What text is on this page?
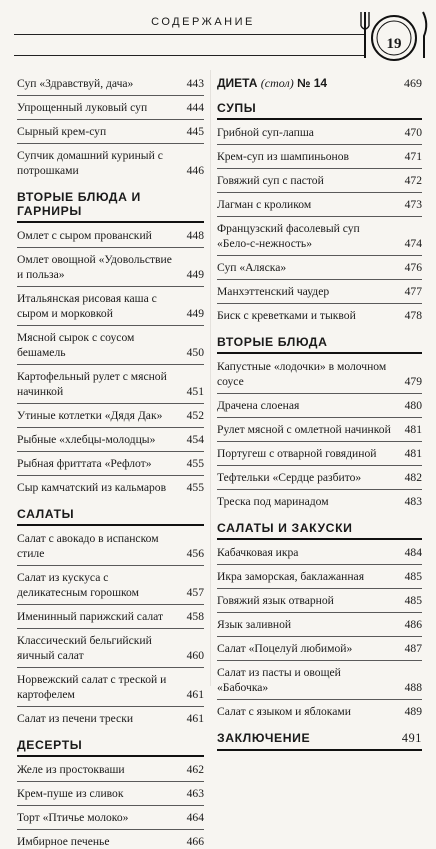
СОДЕРЖАНИЕ
19
Суп «Здравствуй, дача»	443
Упрощенный луковый суп	444
Сырный крем-суп	445
Супчик домашний куриный с потрошками	446
ВТОРЫЕ БЛЮДА И ГАРНИРЫ
Омлет с сыром прованский	448
Омлет овощной «Удовольствие и польза»	449
Итальянская рисовая каша с сыром и морковкой	449
Мясной сырок с соусом бешамель	450
Картофельный рулет с мясной начинкой	451
Утиные котлетки «Дядя Дак»	452
Рыбные «хлебцы-молодцы»	454
Рыбная фриттата «Рефлот»	455
Сыр камчатский из кальмаров	455
САЛАТЫ
Салат с авокадо в испанском стиле	456
Салат из кускуса с деликатесным горошком	457
Именинный парижский салат	458
Классический бельгийский яичный салат	460
Норвежский салат с треской и картофелем	461
Салат из печени трески	461
ДЕСЕРТЫ
Желе из простокваши	462
Крем-пуше из сливок	463
Торт «Птичье молоко»	464
Имбирное печенье	466
ДИЕТА (стол) № 14	469
СУПЫ
Грибной суп-лапша	470
Крем-суп из шампиньонов	471
Говяжий суп с пастой	472
Лагман с кроликом	473
Французский фасолевый суп «Бело-с-нежность»	474
Суп «Аляска»	476
Манхэттенский чаудер	477
Биск с креветками и тыквой	478
ВТОРЫЕ БЛЮДА
Капустные «лодочки» в молочном соусе	479
Драчена слоеная	480
Рулет мясной с омлетной начинкой	481
Португеш с отварной говядиной	481
Тефтельки «Сердце разбито»	482
Треска под маринадом	483
САЛАТЫ И ЗАКУСКИ
Кабачковая икра	484
Икра заморская, баклажанная	485
Говяжий язык отварной	485
Язык заливной	486
Салат «Поцелуй любимой»	487
Салат из пасты и овощей «Бабочка»	488
Салат с языком и яблоками	489
ЗАКЛЮЧЕНИЕ	491
